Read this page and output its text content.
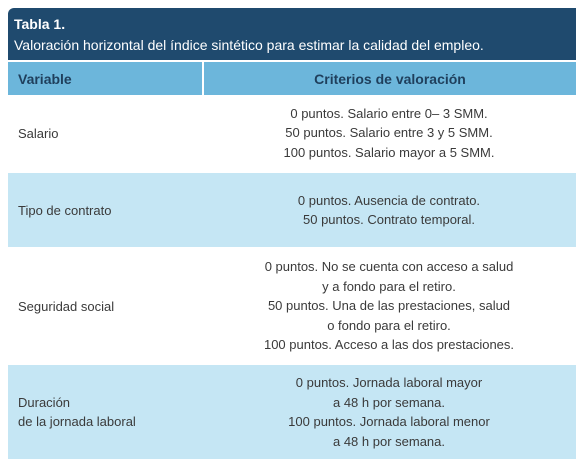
Tabla 1.
Valoración horizontal del índice sintético para estimar la calidad del empleo.
Variable	Criterios de valoración
Salario
0 puntos. Salario entre 0– 3 SMM.
50 puntos. Salario entre 3 y 5 SMM.
100 puntos. Salario mayor a 5 SMM.
Tipo de contrato
0 puntos. Ausencia de contrato.
50 puntos. Contrato temporal.
Seguridad social
0 puntos. No se cuenta con acceso a salud
y a fondo para el retiro.
50 puntos. Una de las prestaciones, salud
o fondo para el retiro.
100 puntos. Acceso a las dos prestaciones.
Duración
de la jornada laboral
0 puntos. Jornada laboral mayor
a 48 h por semana.
100 puntos. Jornada laboral menor
a 48 h por semana.
